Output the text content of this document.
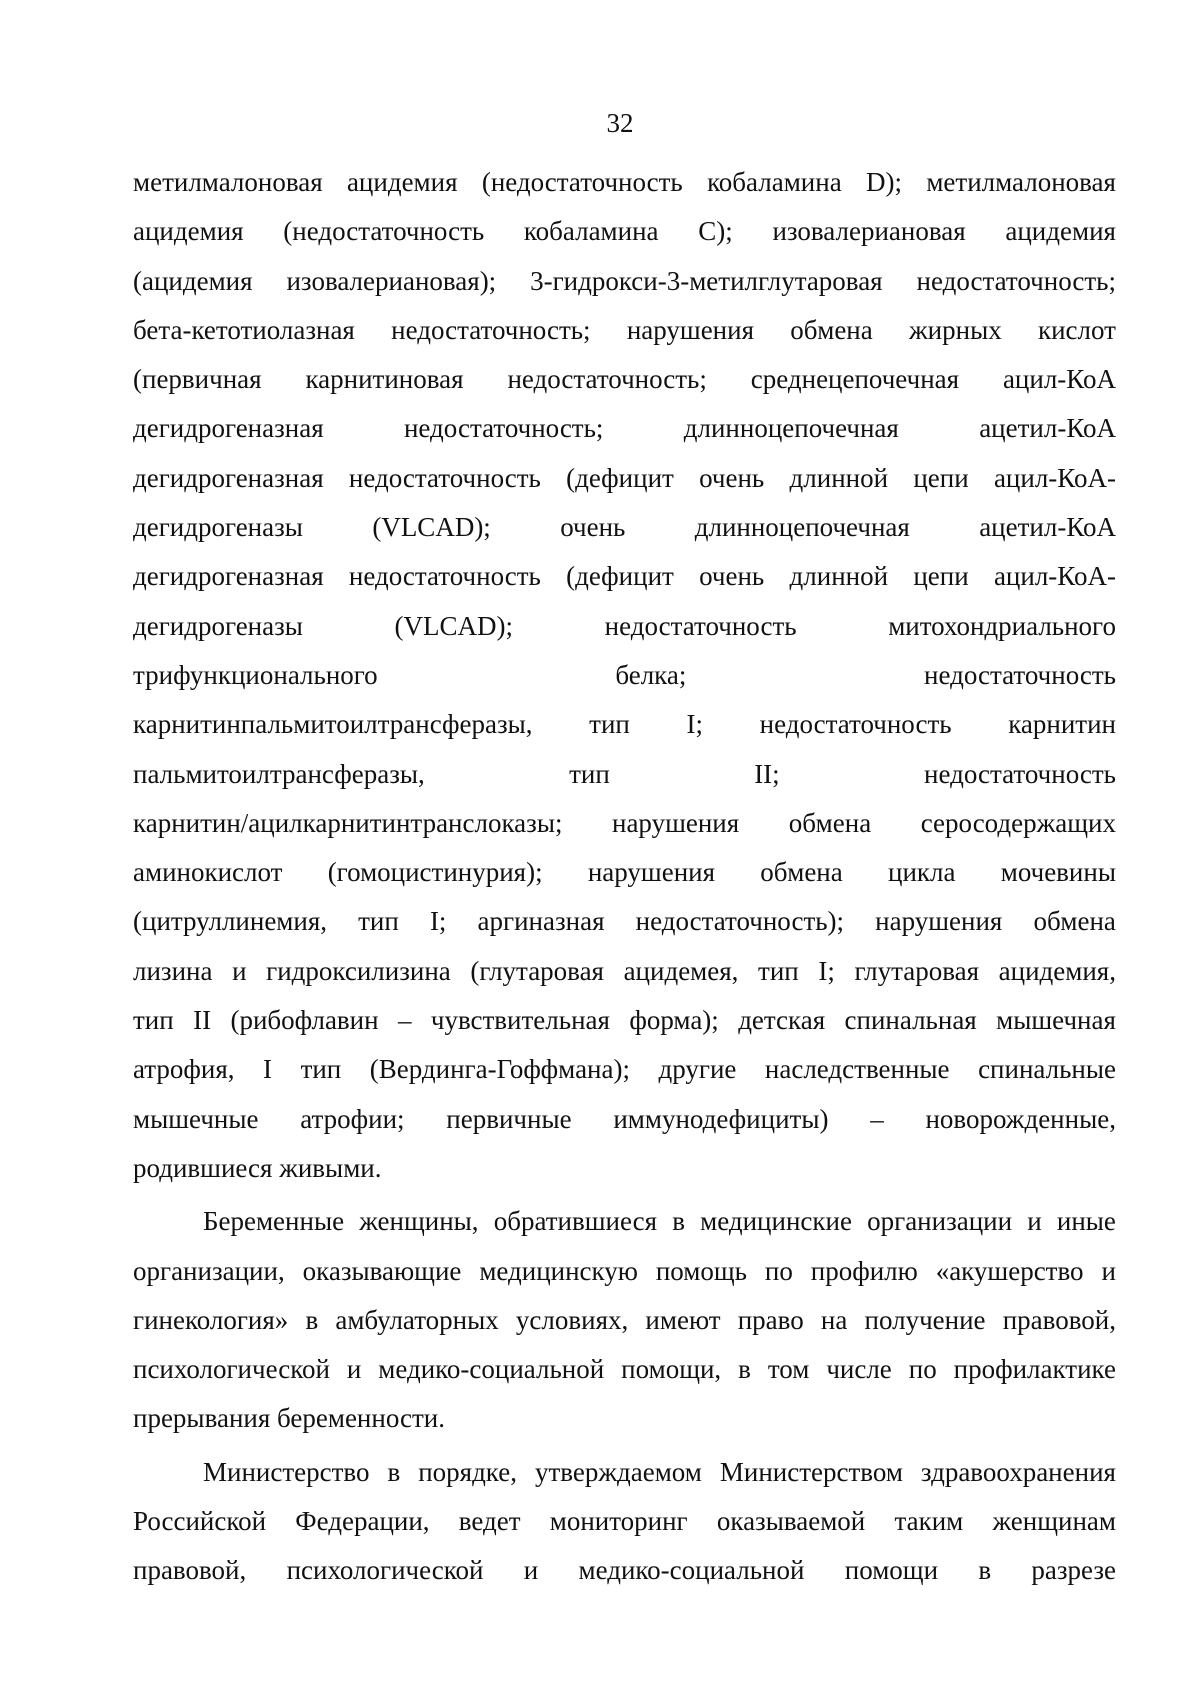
32
метилмалоновая ацидемия (недостаточность кобаламина D); метилмалоновая
ацидемия (недостаточность кобаламина C); изовалериановая ацидемия
(ацидемия изовалериановая); 3-гидрокси-3-метилглутаровая недостаточность;
бета-кетотиолазная недостаточность; нарушения обмена жирных кислот
(первичная карнитиновая недостаточность; среднецепочечная ацил-КоА
дегидрогеназная	недостаточность;	длинноцепочечная	ацетил-КоА
дегидрогеназная недостаточность (дефицит очень длинной цепи ацил-КоА-
дегидрогеназы	(VLCAD);	очень	длинноцепочечная	ацетил-КоА
дегидрогеназная недостаточность (дефицит очень длинной цепи ацил-КоА-
дегидрогеназы	(VLCAD);	недостаточность	митохондриального
трифункционального	белка;	недостаточность
карнитинпальмитоилтрансферазы, тип I; недостаточность карнитин
пальмитоилтрансферазы,	тип	II;	недостаточность
карнитин/ацилкарнитинтранслоказы; нарушения обмена серосодержащих
аминокислот (гомоцистинурия); нарушения обмена цикла мочевины
(цитруллинемия, тип I; аргиназная недостаточность); нарушения обмена
лизина и гидроксилизина (глутаровая ацидемея, тип I; глутаровая ацидемия,
тип II (рибофлавин – чувствительная форма); детская спинальная мышечная
атрофия, I тип (Вердинга-Гоффмана); другие наследственные спинальные
мышечные атрофии; первичные иммунодефициты) – новорожденные,
родившиеся живыми.
Беременные женщины, обратившиеся в медицинские организации и иные
организации, оказывающие медицинскую помощь по профилю «акушерство и
гинекология» в амбулаторных условиях, имеют право на получение правовой,
психологической и медико-социальной помощи, в том числе по профилактике
прерывания беременности.
Министерство в порядке, утверждаемом Министерством здравоохранения
Российской Федерации, ведет мониторинг оказываемой таким женщинам
правовой, психологической и медико-социальной помощи в разрезе
